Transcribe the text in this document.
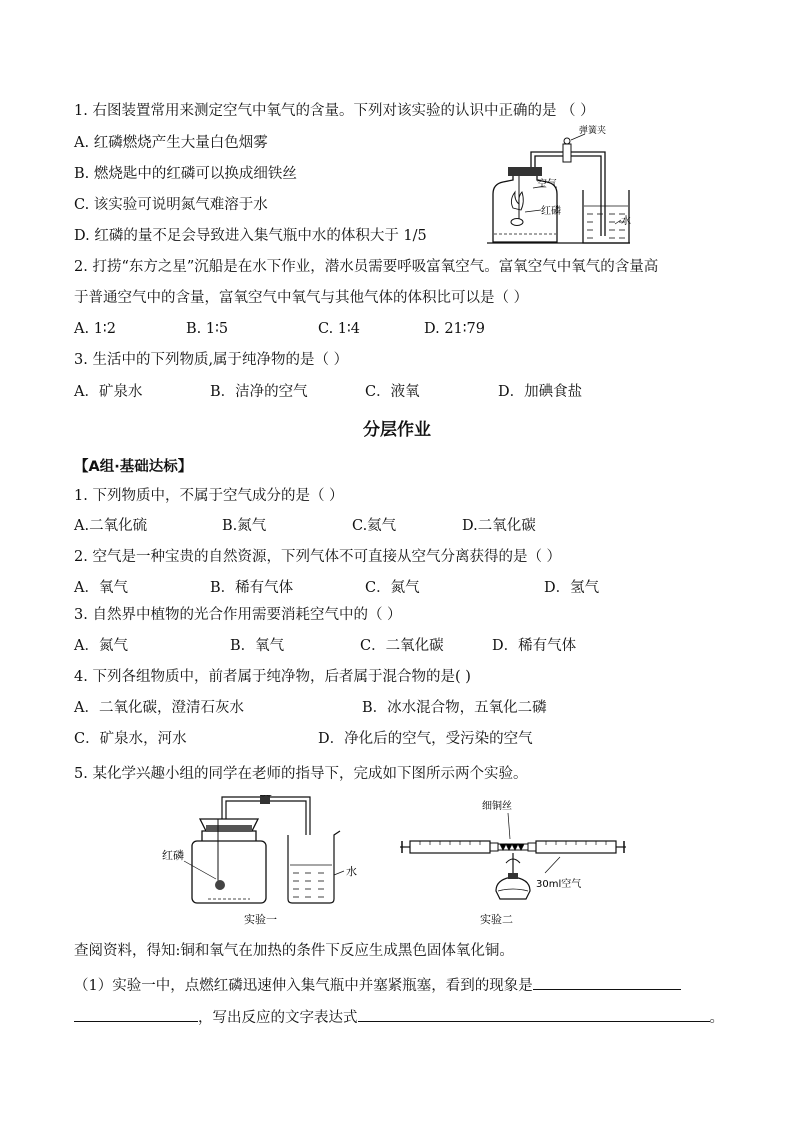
1. 右图装置常用来测定空气中氧气的含量。下列对该实验的认识中正确的是 （ ）
A. 红磷燃烧产生大量白色烟雾
B. 燃烧匙中的红磷可以换成细铁丝
C. 该实验可说明氮气难溶于水
D. 红磷的量不足会导致进入集气瓶中水的体积大于 1/5
弹簧夹
空气
红磷
水
2. 打捞“东方之星”沉船是在水下作业，潜水员需要呼吸富氧空气。富氧空气中氧气的含量高
于普通空气中的含量，富氧空气中氧气与其他气体的体积比可以是（ ）
A. 1∶2	B. 1∶5	C. 1∶4	D. 21∶79
3. 生活中的下列物质,属于纯净物的是（ ）
A．矿泉水	B．洁净的空气	C．液氧	D．加碘食盐
分层作业
【A组·基础达标】
1. 下列物质中，不属于空气成分的是（ ）
A.二氧化硫	B.氮气	C.氦气	D.二氧化碳
2. 空气是一种宝贵的自然资源，下列气体不可直接从空气分离获得的是（ ）
A．氧气	B．稀有气体	C．氮气	D．氢气
3. 自然界中植物的光合作用需要消耗空气中的（ ）
A．氮气	B．氧气	C．二氧化碳	D．稀有气体
4. 下列各组物质中，前者属于纯净物，后者属于混合物的是( )
A．二氧化碳，澄清石灰水	B．冰水混合物，五氧化二磷
C．矿泉水，河水	D．净化后的空气，受污染的空气
5. 某化学兴趣小组的同学在老师的指导下，完成如下图所示两个实验。
红磷
水
实验一
细铜丝
30ml空气
实验二
查阅资料，得知:铜和氧气在加热的条件下反应生成黑色固体氧化铜。
（1）实验一中，点燃红磷迅速伸入集气瓶中并塞紧瓶塞，看到的现象是
，写出反应的文字表达式	。
